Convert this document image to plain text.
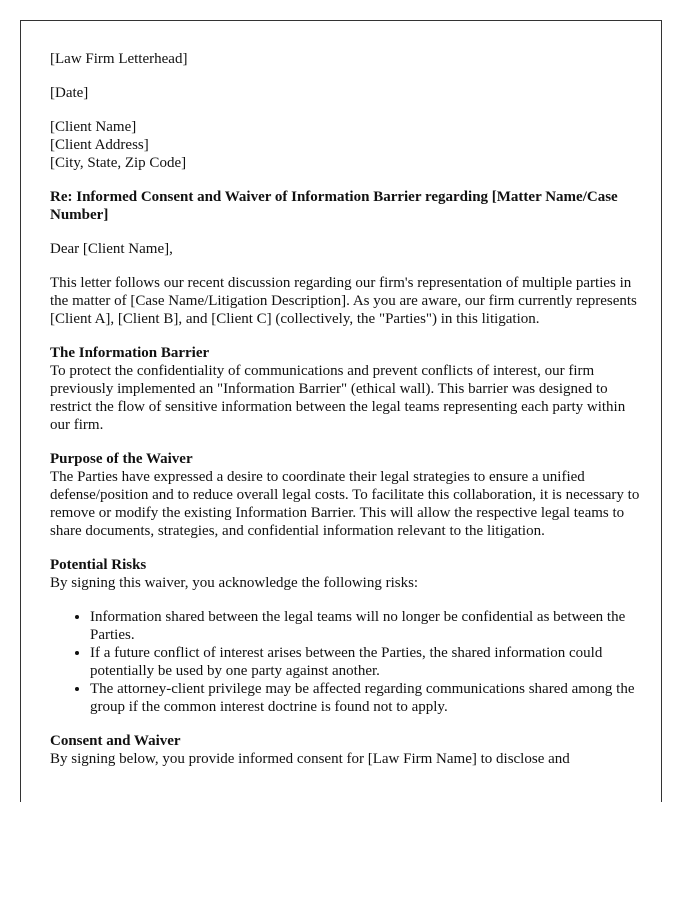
[Law Firm Letterhead]

[Date]

[Client Name]
[Client Address]
[City, State, Zip Code]

Re: Informed Consent and Waiver of Information Barrier regarding [Matter Name/Case Number]

Dear [Client Name],

This letter follows our recent discussion regarding our firm's representation of multiple parties in the matter of [Case Name/Litigation Description]. As you are aware, our firm currently represents [Client A], [Client B], and [Client C] (collectively, the "Parties") in this litigation.

The Information Barrier
To protect the confidentiality of communications and prevent conflicts of interest, our firm previously implemented an "Information Barrier" (ethical wall). This barrier was designed to restrict the flow of sensitive information between the legal teams representing each party within our firm.
Purpose of the Waiver
The Parties have expressed a desire to coordinate their legal strategies to ensure a unified defense/position and to reduce overall legal costs. To facilitate this collaboration, it is necessary to remove or modify the existing Information Barrier. This will allow the respective legal teams to share documents, strategies, and confidential information relevant to the litigation.
Potential Risks
By signing this waiver, you acknowledge the following risks:
• Information shared between the legal teams will no longer be confidential as between the Parties.
• If a future conflict of interest arises between the Parties, the shared information could potentially be used by one party against another.
• The attorney-client privilege may be affected regarding communications shared among the group if the common interest doctrine is found not to apply.
Consent and Waiver
By signing below, you provide informed consent for [Law Firm Name] to disclose and
